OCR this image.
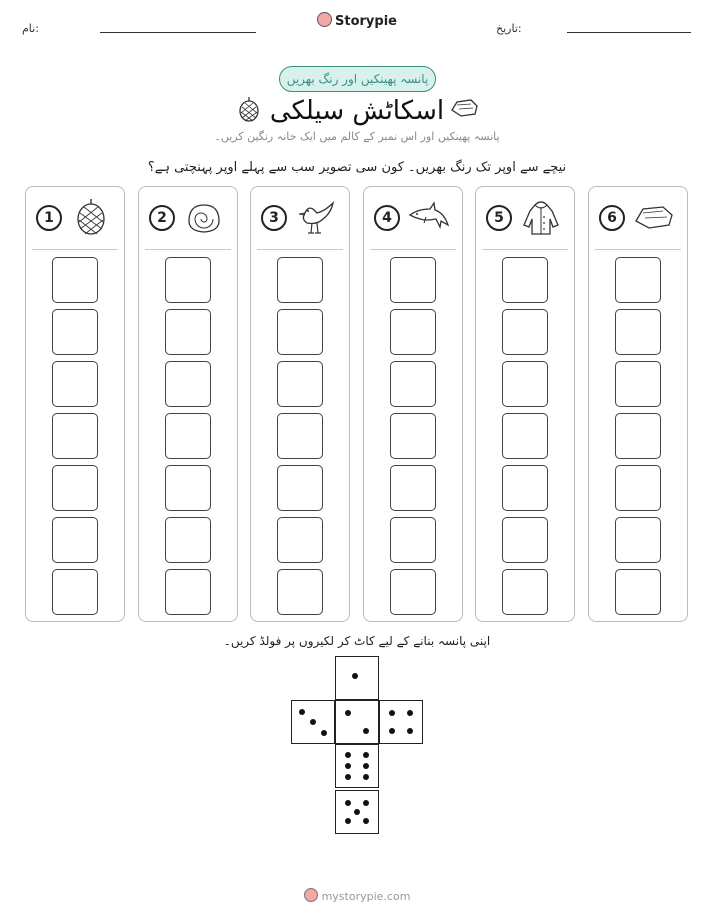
نام:	تاریخ:
Storypie
پانسہ پھینکیں اور رنگ بھریں
اسکاٹش سیلکی
پانسہ پھینکیں اور اس نمبر کے کالم میں ایک خانہ رنگین کریں۔
نیچے سے اوپر تک رنگ بھریں۔ کون سی تصویر سب سے پہلے اوپر پہنچتی ہے؟
1	2	3	4	5	6
اپنی پانسہ بنانے کے لیے کاٹ کر لکیروں پر فولڈ کریں۔
mystorypie.com
